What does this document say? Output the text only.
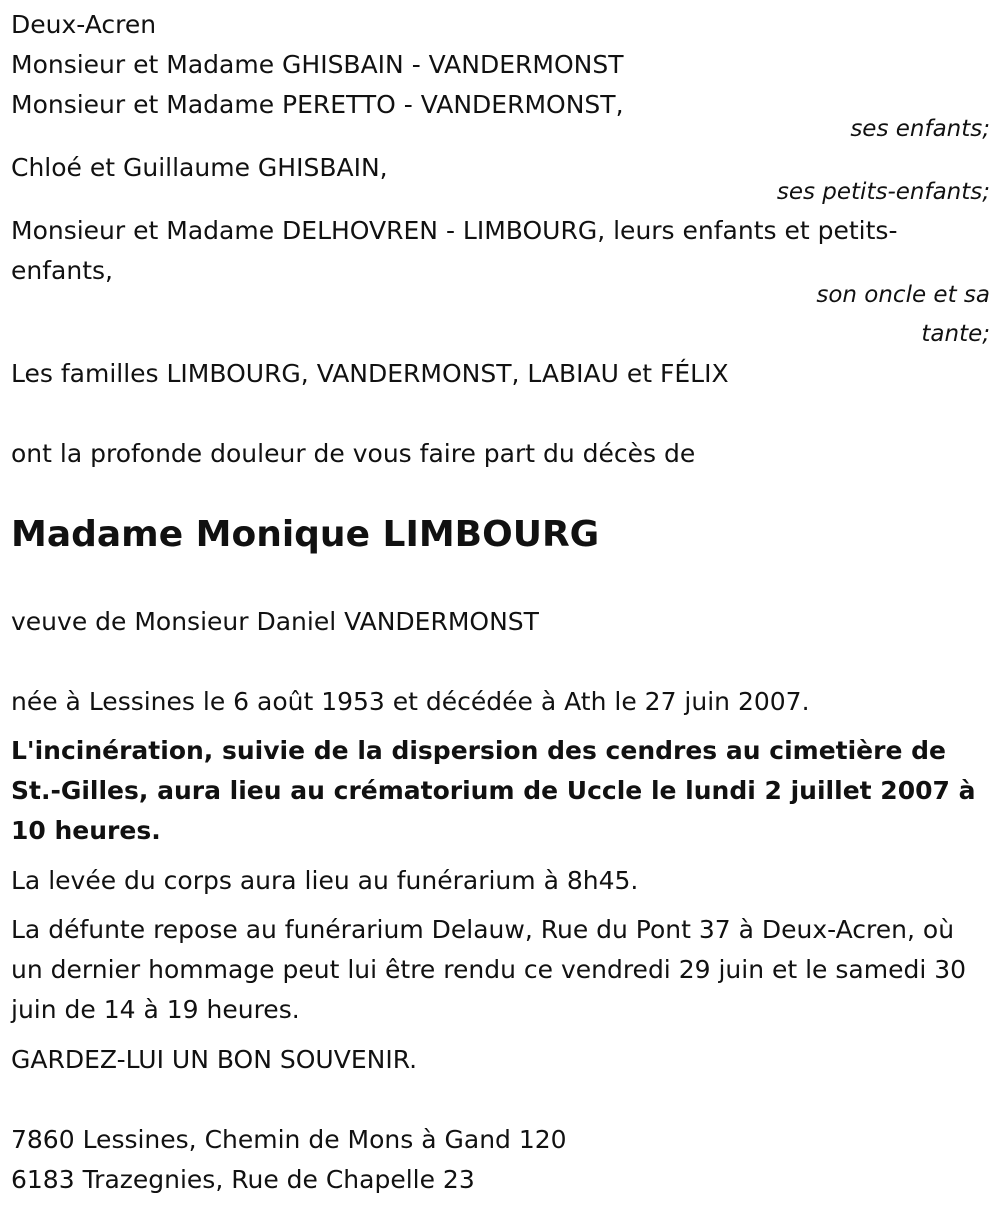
Deux-Acren
Monsieur et Madame GHISBAIN - VANDERMONST
Monsieur et Madame PERETTO - VANDERMONST,
ses enfants;
Chloé et Guillaume GHISBAIN,
ses petits-enfants;
Monsieur et Madame DELHOVREN - LIMBOURG, leurs enfants et petits-enfants,
son oncle et sa
tante;
Les familles LIMBOURG, VANDERMONST, LABIAU et FÉLIX
ont la profonde douleur de vous faire part du décès de
Madame Monique LIMBOURG
veuve de Monsieur Daniel VANDERMONST
née à Lessines le 6 août 1953 et décédée à Ath le 27 juin 2007.
L'incinération, suivie de la dispersion des cendres au cimetière de St.-Gilles, aura lieu au crématorium de Uccle le lundi 2 juillet 2007 à 10 heures.
La levée du corps aura lieu au funérarium à 8h45.
La défunte repose au funérarium Delauw, Rue du Pont 37 à Deux-Acren, où un dernier hommage peut lui être rendu ce vendredi 29 juin et le samedi 30 juin de 14 à 19 heures.
GARDEZ-LUI UN BON SOUVENIR.
7860 Lessines, Chemin de Mons à Gand 120
6183 Trazegnies, Rue de Chapelle 23
